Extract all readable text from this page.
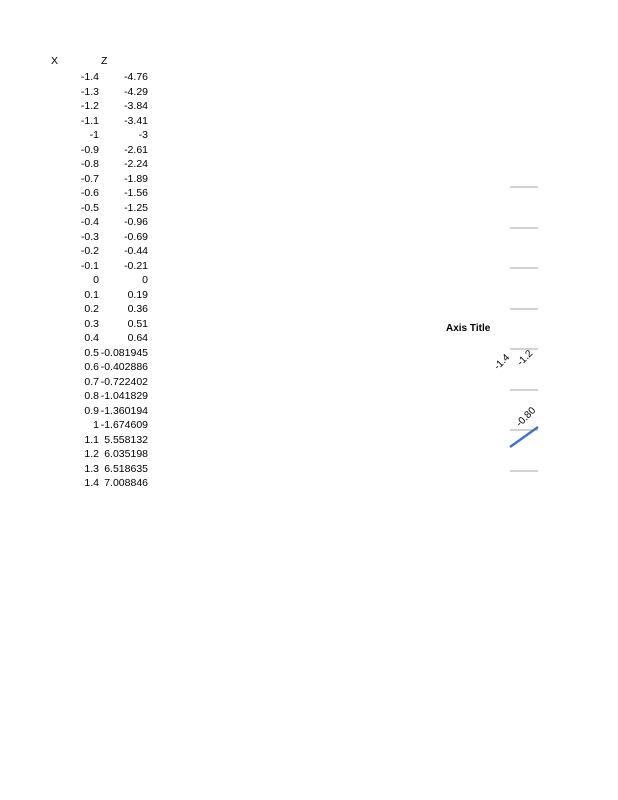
X	Z
-1.4	-4.76
-1.3	-4.29
-1.2	-3.84
-1.1	-3.41
-1	-3
-0.9	-2.61
-0.8	-2.24
-0.7	-1.89
-0.6	-1.56
-0.5	-1.25
-0.4	-0.96
-0.3	-0.69
-0.2	-0.44
-0.1	-0.21
0	0
0.1	0.19
0.2	0.36
0.3	0.51
0.4	0.64
0.5 -0.081945
0.6 -0.402886
0.7 -0.722402
0.8 -1.041829
0.9 -1.360194
1 -1.674609
1.1 5.558132
1.2 6.035198
1.3 6.518635
1.4 7.008846
Axis Title
-1.4 -1.2
-0.80
